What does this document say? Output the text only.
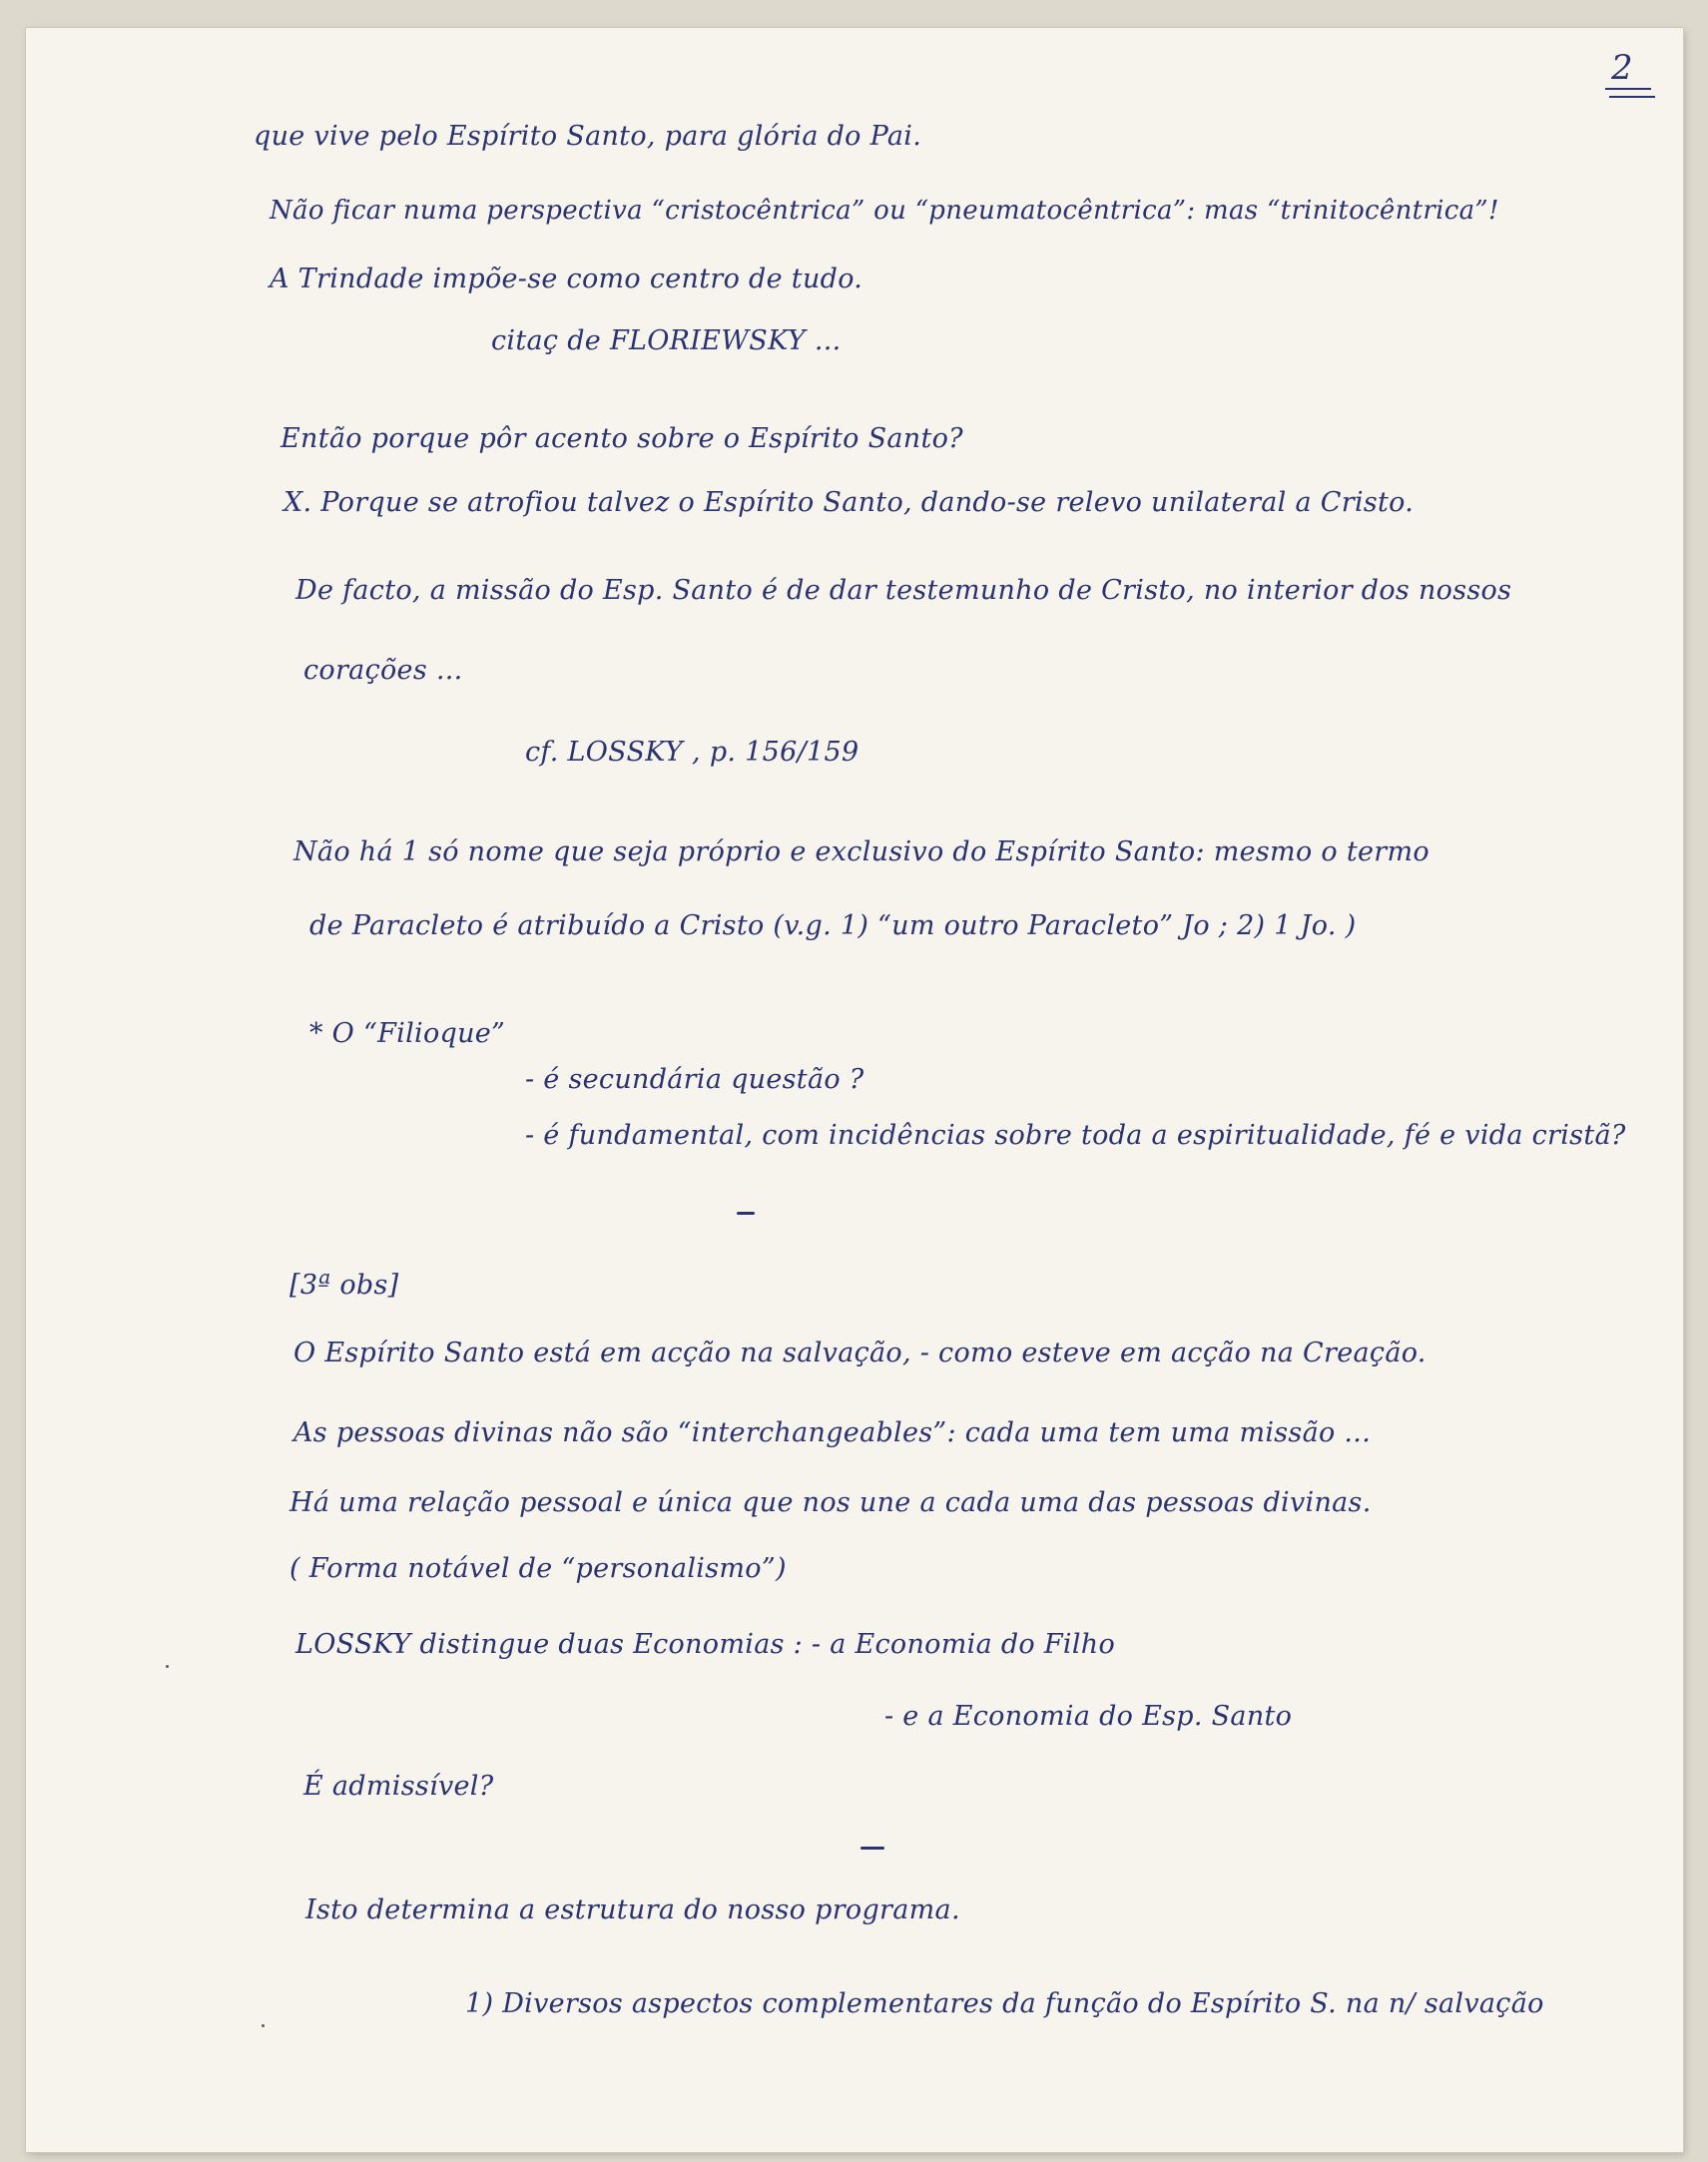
2
que vive pelo Espírito Santo, para glória do Pai.
Não ficar numa perspectiva “cristocêntrica” ou “pneumatocêntrica”: mas “trinitocêntrica”!
A Trindade impõe-se como centro de tudo.
citaç de FLORIEWSKY ...
Então porque pôr acento sobre o Espírito Santo?
X. Porque se atrofiou talvez o Espírito Santo, dando-se relevo unilateral a Cristo.
De facto, a missão do Esp. Santo é de dar testemunho de Cristo, no interior dos nossos
corações ...
cf. LOSSKY , p. 156/159
Não há 1 só nome que seja próprio e exclusivo do Espírito Santo: mesmo o termo
de Paracleto é atribuído a Cristo (v.g. 1) “um outro Paracleto” Jo ; 2) 1 Jo. )
* O “Filioque”
- é secundária questão ?
- é fundamental, com incidências sobre toda a espiritualidade, fé e vida cristã?
[3ª obs]
O Espírito Santo está em acção na salvação, - como esteve em acção na Creação.
As pessoas divinas não são “interchangeables”: cada uma tem uma missão ...
Há uma relação pessoal e única que nos une a cada uma das pessoas divinas.
( Forma notável de “personalismo”)
LOSSKY distingue duas Economias : - a Economia do Filho
- e a Economia do Esp. Santo
É admissível?
Isto determina a estrutura do nosso programa.
1) Diversos aspectos complementares da função do Espírito S. na n/ salvação
